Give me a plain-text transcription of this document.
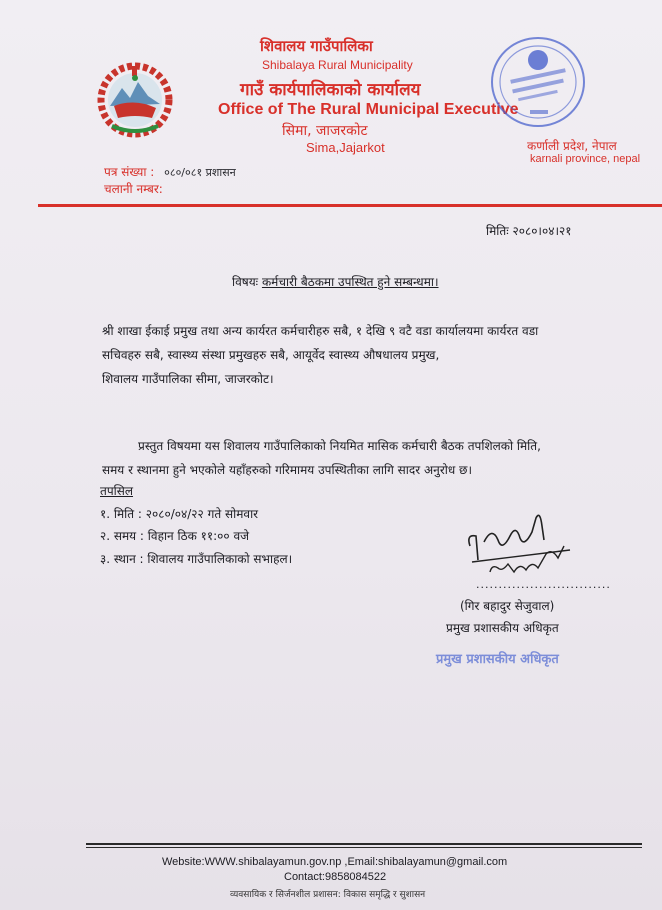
शिवालय गाउँपालिका
Shibalaya Rural Municipality
गाउँ कार्यपालिकाको कार्यालय
Office of The Rural Municipal Executive
सिमा, जाजरकोट
Sima,Jajarkot	कर्णाली प्रदेश, नेपाल
karnali province, nepal
पत्र संख्या : ०८०/०८१ प्रशासन
चलानी नम्बर:
मितिः २०८०।०४।२१
विषयः कर्मचारी बैठकमा उपस्थित हुने सम्बन्धमा।
श्री शाखा ईकाई प्रमुख तथा अन्य कार्यरत कर्मचारीहरु सबै, १ देखि ९ वटै वडा कार्यालयमा कार्यरत वडा
सचिवहरु सबै, स्वास्थ्य संस्था प्रमुखहरु सबै, आयूर्वेद स्वास्थ्य औषधालय प्रमुख,
शिवालय गाउँपालिका सीमा, जाजरकोट।
प्रस्तुत विषयमा यस शिवालय गाउँपालिकाको नियमित मासिक कर्मचारी बैठक तपशिलको मिति,
समय र स्थानमा हुने भएकोले यहाँहरुको गरिमामय उपस्थितीका लागि सादर अनुरोध छ।
तपसिल
१. मिति : २०८०/०४/२२ गते सोमवार
२. समय : विहान ठिक ११:०० वजे
३. स्थान : शिवालय गाउँपालिकाको सभाहल।
..............................
(गिर बहादुर सेजुवाल)
प्रमुख प्रशासकीय अधिकृत
प्रमुख प्रशासकीय अधिकृत
Website:WWW.shibalayamun.gov.np ,Email:shibalayamun@gmail.com
Contact:9858084522
व्यवसायिक र सिर्जनशील प्रशासन: विकास समृद्धि र सुशासन
